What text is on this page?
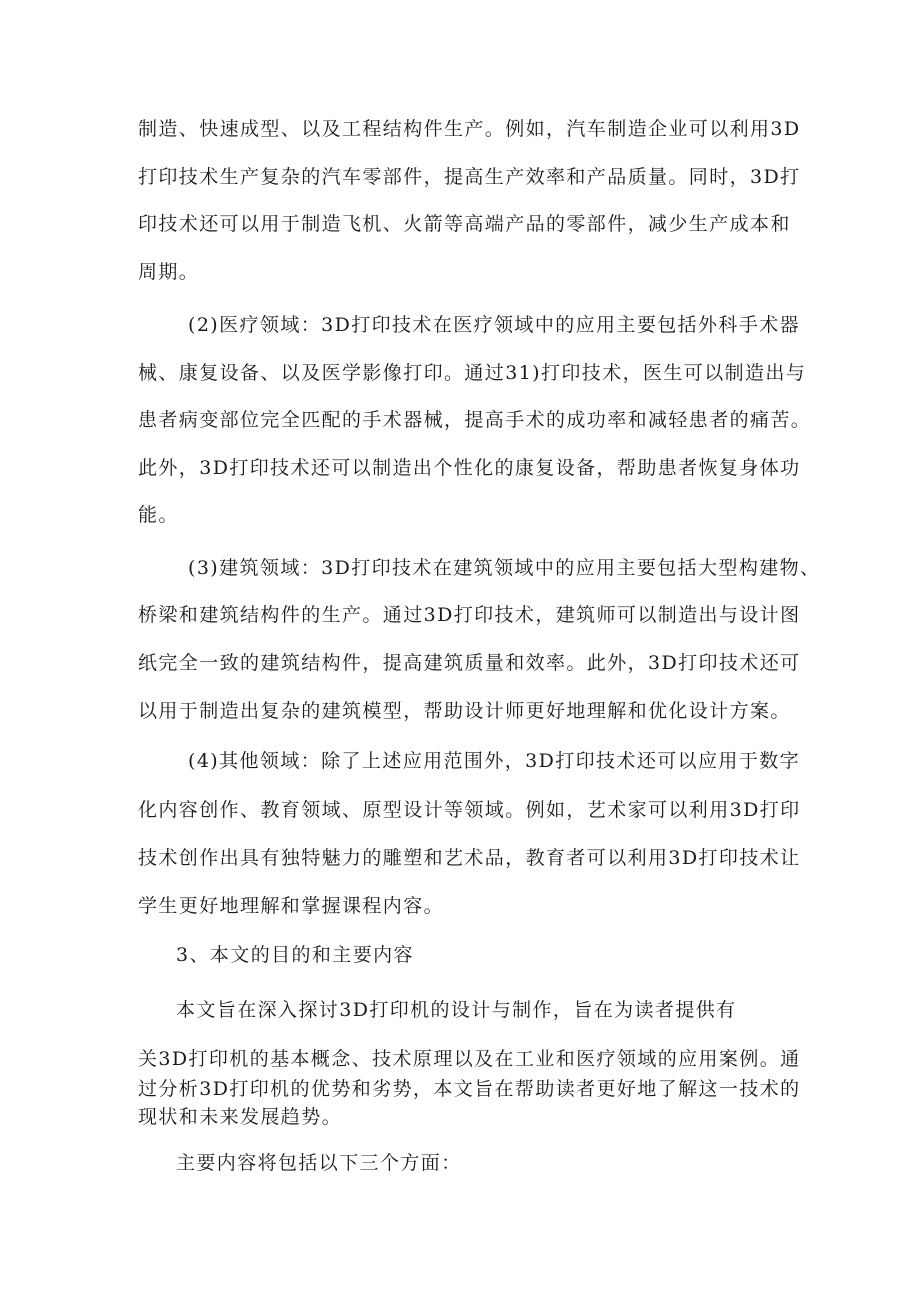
制造、快速成型、以及工程结构件生产。例如，汽车制造企业可以利用3D

打印技术生产复杂的汽车零部件，提高生产效率和产品质量。同时，3D打

印技术还可以用于制造飞机、火箭等高端产品的零部件，减少生产成本和

周期。

(2)医疗领域：3D打印技术在医疗领域中的应用主要包括外科手术器

械、康复设备、以及医学影像打印。通过31)打印技术，医生可以制造出与

患者病变部位完全匹配的手术器械，提高手术的成功率和减轻患者的痛苦。

此外，3D打印技术还可以制造出个性化的康复设备，帮助患者恢复身体功

能。

(3)建筑领域：3D打印技术在建筑领域中的应用主要包括大型构建物、

桥梁和建筑结构件的生产。通过3D打印技术，建筑师可以制造出与设计图

纸完全一致的建筑结构件，提高建筑质量和效率。此外，3D打印技术还可

以用于制造出复杂的建筑模型，帮助设计师更好地理解和优化设计方案。

(4)其他领域：除了上述应用范围外，3D打印技术还可以应用于数字

化内容创作、教育领域、原型设计等领域。例如，艺术家可以利用3D打印

技术创作出具有独特魅力的雕塑和艺术品，教育者可以利用3D打印技术让

学生更好地理解和掌握课程内容。

3、本文的目的和主要内容

本文旨在深入探讨3D打印机的设计与制作，旨在为读者提供有

关3D打印机的基本概念、技术原理以及在工业和医疗领域的应用案例。通

过分析3D打印机的优势和劣势，本文旨在帮助读者更好地了解这一技术的

现状和未来发展趋势。

主要内容将包括以下三个方面：
